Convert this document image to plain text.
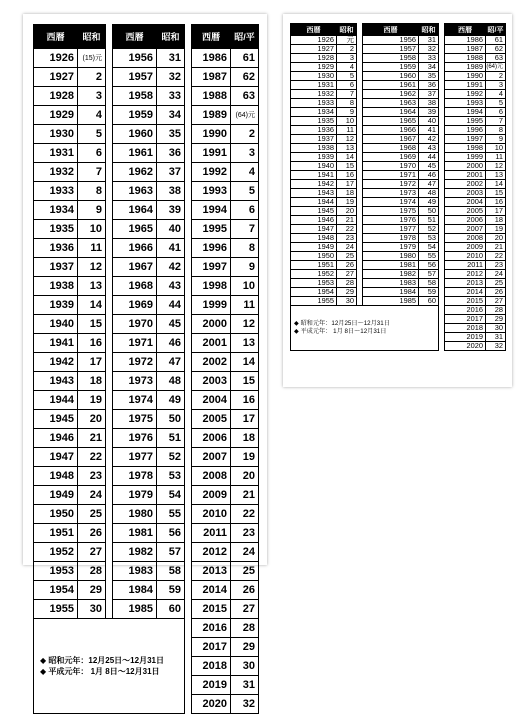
西暦	昭和		西暦	昭和		西暦	昭/平
1926	(15)元		1956	31		1986	61
1927	2		1957	32		1987	62
1928	3		1958	33		1988	63
1929	4		1959	34		1989	(64)元
1930	5		1960	35		1990	2
1931	6		1961	36		1991	3
1932	7		1962	37		1992	4
1933	8		1963	38		1993	5
1934	9		1964	39		1994	6
1935	10		1965	40		1995	7
1936	11		1966	41		1996	8
1937	12		1967	42		1997	9
1938	13		1968	43		1998	10
1939	14		1969	44		1999	11
1940	15		1970	45		2000	12
1941	16		1971	46		2001	13
1942	17		1972	47		2002	14
1943	18		1973	48		2003	15
1944	19		1974	49		2004	16
1945	20		1975	50		2005	17
1946	21		1976	51		2006	18
1947	22		1977	52		2007	19
1948	23		1978	53		2008	20
1949	24		1979	54		2009	21
1950	25		1980	55		2010	22
1951	26		1981	56		2011	23
1952	27		1982	57		2012	24
1953	28		1983	58		2013	25
1954	29		1984	59		2014	26
1955	30		1985	60		2015	27

◆ 昭和元年：12月25日〜12月31日
◆ 平成元年： 1月 8日〜12月31日						2016	28
						2017	29
						2018	30
						2019	31
						2020	32
西暦	昭和		西暦	昭和		西暦	昭/平
1926	元		1956	31		1986	61
1927	2		1957	32		1987	62
1928	3		1958	33		1988	63
1929	4		1959	34		1989	(64)元
1930	5		1960	35		1990	2
1931	6		1961	36		1991	3
1932	7		1962	37		1992	4
1933	8		1963	38		1993	5
1934	9		1964	39		1994	6
1935	10		1965	40		1995	7
1936	11		1966	41		1996	8
1937	12		1967	42		1997	9
1938	13		1968	43		1998	10
1939	14		1969	44		1999	11
1940	15		1970	45		2000	12
1941	16		1971	46		2001	13
1942	17		1972	47		2002	14
1943	18		1973	48		2003	15
1944	19		1974	49		2004	16
1945	20		1975	50		2005	17
1946	21		1976	51		2006	18
1947	22		1977	52		2007	19
1948	23		1978	53		2008	20
1949	24		1979	54		2009	21
1950	25		1980	55		2010	22
1951	26		1981	56		2011	23
1952	27		1982	57		2012	24
1953	28		1983	58		2013	25
1954	29		1984	59		2014	26
1955	30		1985	60		2015	27

◆ 昭和元年：12月25日〜12月31日
◆ 平成元年： 1月 8日〜12月31日						2016	28
						2017	29
						2018	30
						2019	31
						2020	32
